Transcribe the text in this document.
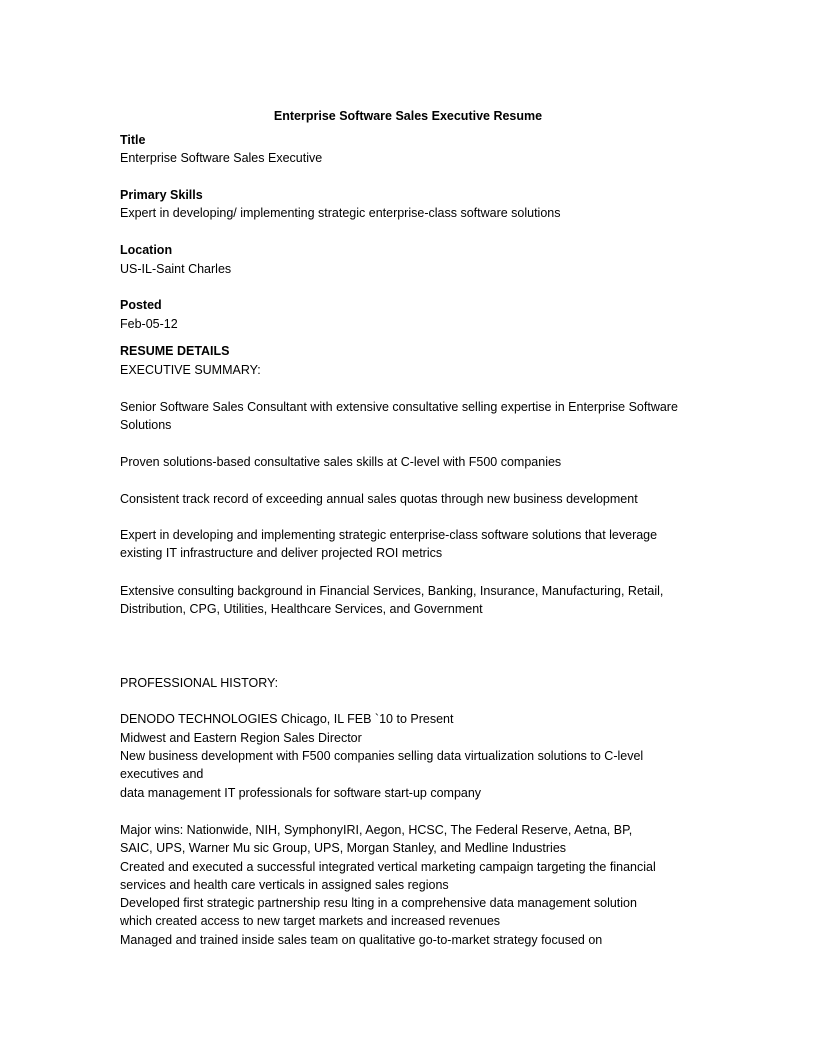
Enterprise Software Sales Executive Resume
Title
Enterprise Software Sales Executive
Primary Skills
Expert in developing/ implementing strategic enterprise-class software solutions
Location
US-IL-Saint Charles
Posted
Feb-05-12
RESUME DETAILS
EXECUTIVE SUMMARY:
Senior Software Sales Consultant with extensive consultative selling expertise in Enterprise Software Solutions
Proven solutions-based consultative sales skills at C-level with F500 companies
Consistent track record of exceeding annual sales quotas through new business development
Expert in developing and implementing strategic enterprise-class software solutions that leverage existing IT infrastructure and deliver projected ROI metrics
Extensive consulting background in Financial Services, Banking, Insurance, Manufacturing, Retail, Distribution, CPG, Utilities, Healthcare Services, and Government
PROFESSIONAL HISTORY:
DENODO TECHNOLOGIES Chicago, IL FEB `10 to Present
Midwest and Eastern Region Sales Director
New business development with F500 companies selling data virtualization solutions to C-level executives and
data management IT professionals for software start-up company
Major wins: Nationwide, NIH, SymphonyIRI, Aegon, HCSC, The Federal Reserve, Aetna, BP, SAIC, UPS, Warner Mu sic Group, UPS, Morgan Stanley, and Medline Industries
Created and executed a successful integrated vertical marketing campaign targeting the financial services and health care verticals in assigned sales regions
Developed first strategic partnership resu lting in a comprehensive data management solution which created access to new target markets and increased revenues
Managed and trained inside sales team on qualitative go-to-market strategy focused on
